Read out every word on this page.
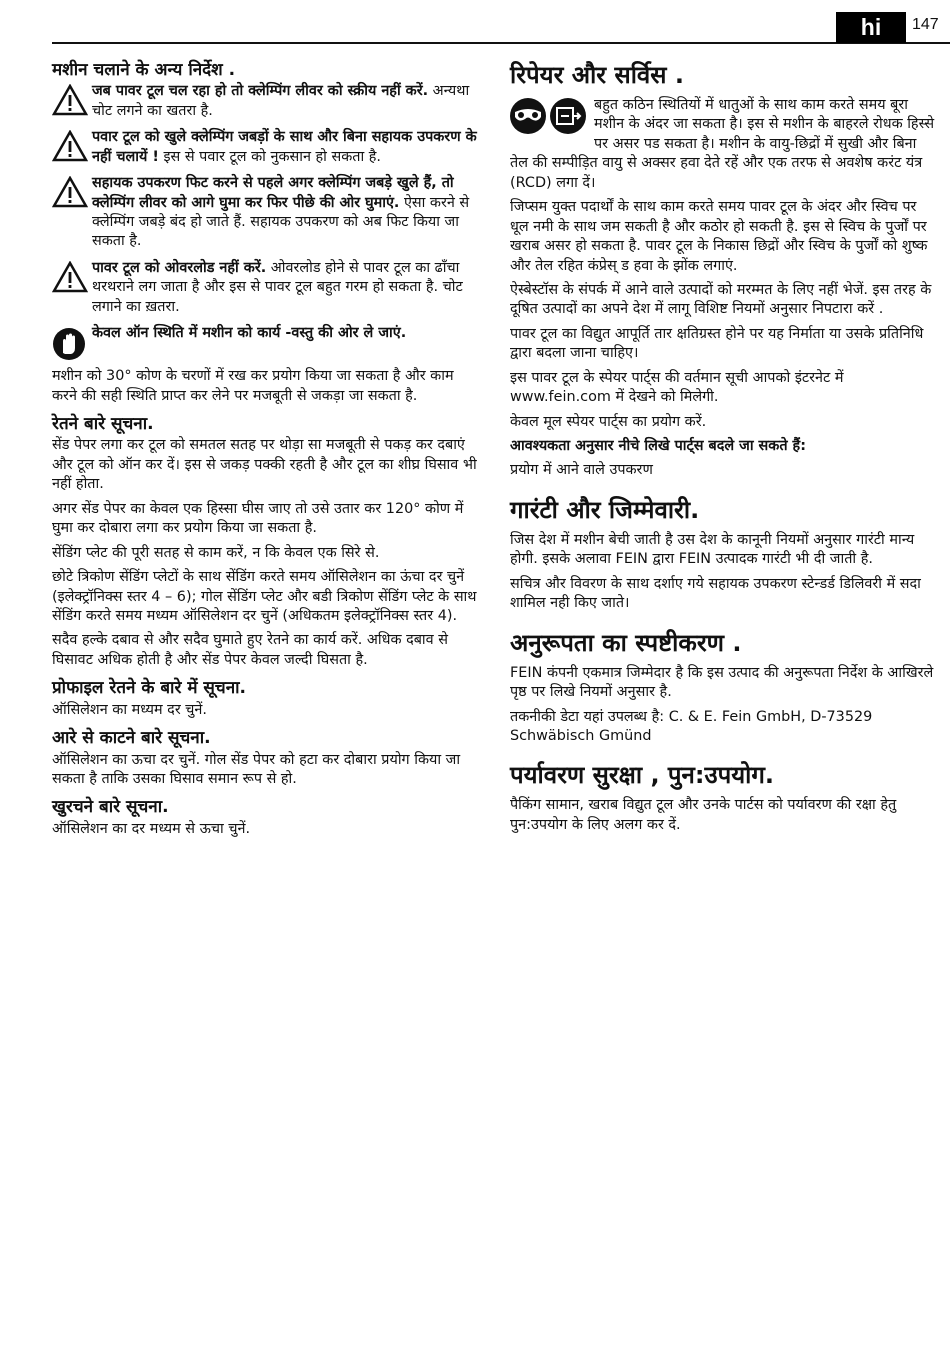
hi	147
मशीन चलाने के अन्य निर्देश .
जब पावर टूल चल रहा हो तो क्लेम्पिंग लीवर को स्क्रीय नहीं करें. अन्यथा चोट लगने का खतरा है.
पवार टूल को खुले क्लेम्पिंग जबड़ों के साथ और बिना सहायक उपकरण के नहीं चलायें ! इस से पवार टूल को नुकसान हो सकता है.
सहायक उपकरण फिट करने से पहले अगर क्लेम्पिंग जबड़े खुले हैं, तो क्लेम्पिंग लीवर को आगे घुमा कर फिर पीछे की ओर घुमाएं. ऐसा करने से क्लेम्पिंग जबड़े बंद हो जाते हैं. सहायक उपकरण को अब फिट किया जा सकता है.
पावर टूल को ओवरलोड नहीं करें. ओवरलोड होने से पावर टूल का ढाँचा थरथराने लग जाता है और इस से पावर टूल बहुत गरम हो सकता है. चोट लगाने का ख़तरा.
केवल ऑन स्थिति में मशीन को कार्य -वस्तु की ओर ले जाएं.

मशीन को 30° कोण के चरणों में रख कर प्रयोग किया जा सकता है और काम करने की सही स्थिति प्राप्त कर लेने पर मजबूती से जकड़ा जा सकता है.

रेतने बारे सूचना.

सेंड पेपर लगा कर टूल को समतल सतह पर थोड़ा सा मजबूती से पकड़ कर दबाएं और टूल को ऑन कर दें। इस से जकड़ पक्की रहती है और टूल का शीघ्र घिसाव भी नहीं होता.

अगर सेंड पेपर का केवल एक हिस्सा घीस जाए तो उसे उतार कर 120° कोण में घुमा कर दोबारा लगा कर प्रयोग किया जा सकता है.

सेंडिंग प्लेट की पूरी सतह से काम करें, न कि केवल एक सिरे से.

छोटे त्रिकोण सेंडिंग प्लेटों के साथ सेंडिंग करते समय ऑसिलेशन का ऊंचा दर चुनें (इलेक्ट्रॉनिक्स स्तर 4 – 6); गोल सेंडिंग प्लेट और बडी त्रिकोण सेंडिंग प्लेट के साथ सेंडिंग करते समय मध्यम ऑसिलेशन दर चुनें (अधिकतम इलेक्ट्रॉनिक्स स्तर 4).

सदैव हल्के दबाव से और सदैव घुमाते हुए रेतने का कार्य करें. अधिक दबाव से घिसावट अधिक होती है और सेंड पेपर केवल जल्दी घिसता है.

प्रोफाइल रेतने के बारे में सूचना.

ऑसिलेशन का मध्यम दर चुनें.

आरे से काटने बारे सूचना.

ऑसिलेशन का ऊचा दर चुनें. गोल सेंड पेपर को हटा कर दोबारा प्रयोग किया जा सकता है ताकि उसका घिसाव समान रूप से हो.

खुरचने बारे सूचना.

ऑसिलेशन का दर मध्यम से ऊचा चुनें.

रिपेयर और सर्विस .

बहुत कठिन स्थितियों में धातुओं के साथ काम करते समय बूरा मशीन के अंदर जा सकता है। इस से मशीन के बाहरले रोधक हिस्से पर असर पड सकता है। मशीन के वायु-छिद्रों में सुखी और बिना तेल की सम्पीड़ित वायु से अक्सर हवा देते रहें और एक तरफ से अवशेष करंट यंत्र (RCD) लगा दें।

जिप्सम युक्त पदार्थों के साथ काम करते समय पावर टूल के अंदर और स्विच पर धूल नमी के साथ जम सकती है और कठोर हो सकती है. इस से स्विच के पुर्जों पर खराब असर हो सकता है. पावर टूल के निकास छिद्रों और स्विच के पुर्जों को शुष्क और तेल रहित कंप्रेस् ड हवा के झोंक लगाएं.

ऐस्बेस्टॉस के संपर्क में आने वाले उत्पादों को मरम्मत के लिए नहीं भेजें. इस तरह के दूषित उत्पादों का अपने देश में लागू विशिष्ट नियमों अनुसार निपटारा करें .

पावर टूल का विद्युत आपूर्ति तार क्षतिग्रस्त होने पर यह निर्माता या उसके प्रतिनिधि द्वारा बदला जाना चाहिए।

इस पावर टूल के स्पेयर पार्ट्स की वर्तमान सूची आपको इंटरनेट में www.fein.com में देखने को मिलेगी.

केवल मूल स्पेयर पार्ट्स का प्रयोग करें.

आवश्यकता अनुसार नीचे लिखे पार्ट्स बदले जा सकते हैं:

प्रयोग में आने वाले उपकरण

गारंटी और जिम्मेवारी.

जिस देश में मशीन बेची जाती है उस देश के कानूनी नियमों अनुसार गारंटी मान्य होगी. इसके अलावा FEIN द्वारा FEIN उत्पादक गारंटी भी दी जाती है.

सचित्र और विवरण के साथ दर्शाए गये सहायक उपकरण स्टेन्डर्ड डिलिवरी में सदा शामिल नही किए जाते।

अनुरूपता का स्पष्टीकरण .

FEIN कंपनी एकमात्र जिम्मेदार है कि इस उत्पाद की अनुरूपता निर्देश के आखिरले पृष्ठ पर लिखे नियमों अनुसार है.

तकनीकी डेटा यहां उपलब्ध है: C. & E. Fein GmbH, D-73529 Schwäbisch Gmünd

पर्यावरण सुरक्षा , पुन:उपयोग.

पैकिंग सामान, खराब विद्युत टूल और उनके पार्टस को पर्यावरण की रक्षा हेतु पुन:उपयोग के लिए अलग कर दें.
